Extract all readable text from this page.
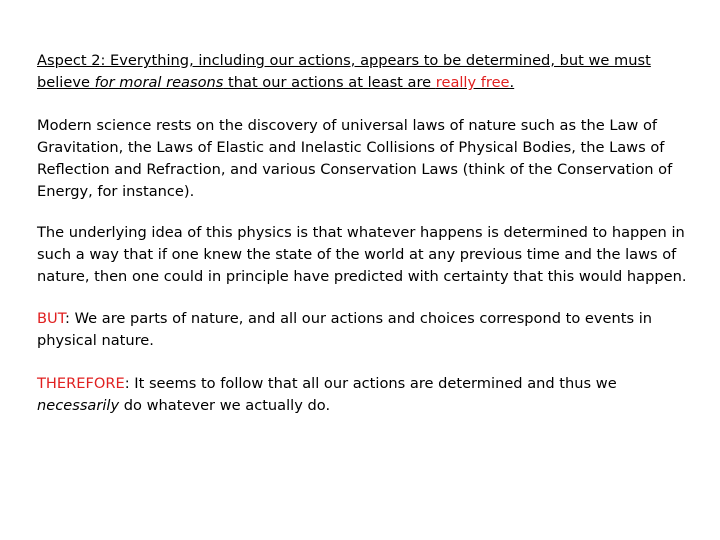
Aspect 2: Everything, including our actions, appears to be determined, but we must believe for moral reasons that our actions at least are really free.

Modern science rests on the discovery of universal laws of nature such as the Law of Gravitation, the Laws of Elastic and Inelastic Collisions of Physical Bodies, the Laws of Reflection and Refraction, and various Conservation Laws (think of the Conservation of Energy, for instance).

The underlying idea of this physics is that whatever happens is determined to happen in such a way that if one knew the state of the world at any previous time and the laws of nature, then one could in principle have predicted with certainty that this would happen.

BUT: We are parts of nature, and all our actions and choices correspond to events in physical nature.

THEREFORE: It seems to follow that all our actions are determined and thus we necessarily do whatever we actually do.
